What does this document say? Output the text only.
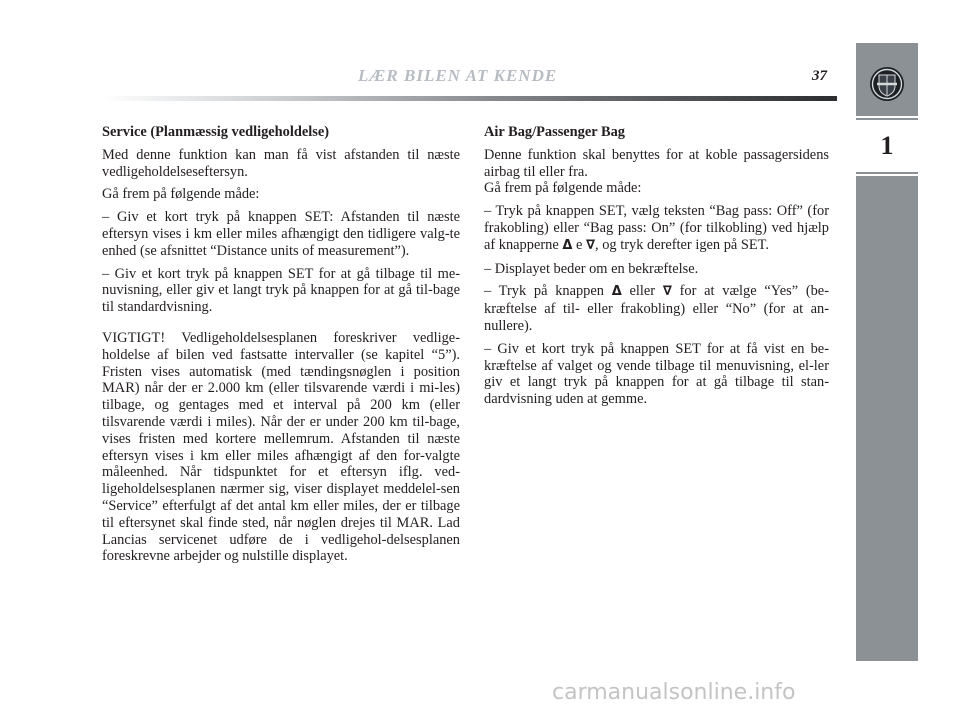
LÆR BILEN AT KENDE	37
1
Service (Planmæssig vedligeholdelse)

Med denne funktion kan man få vist afstanden til næste vedligeholdelseseftersyn.

Gå frem på følgende måde:

– Giv et kort tryk på knappen SET: Afstanden til næste eftersyn vises i km eller miles afhængigt den tidligere valg-te enhed (se afsnittet “Distance units of measurement”).

– Giv et kort tryk på knappen SET for at gå tilbage til me-nuvisning, eller giv et langt tryk på knappen for at gå til-bage til standardvisning.

VIGTIGT! Vedligeholdelsesplanen foreskriver vedlige-holdelse af bilen ved fastsatte intervaller (se kapitel “5”). Fristen vises automatisk (med tændingsnøglen i position MAR) når der er 2.000 km (eller tilsvarende værdi i mi-les) tilbage, og gentages med et interval på 200 km (eller tilsvarende værdi i miles). Når der er under 200 km til-bage, vises fristen med kortere mellemrum. Afstanden til næste eftersyn vises i km eller miles afhængigt af den for-valgte måleenhed. Når tidspunktet for et eftersyn iflg. ved-ligeholdelsesplanen nærmer sig, viser displayet meddelel-sen “Service” efterfulgt af det antal km eller miles, der er tilbage til eftersynet skal finde sted, når nøglen drejes til MAR. Lad Lancias servicenet udføre de i vedligehol-delsesplanen foreskrevne arbejder og nulstille displayet.

Air Bag/Passenger Bag

Denne funktion skal benyttes for at koble passagersidens airbag til eller fra.

Gå frem på følgende måde:

– Tryk på knappen SET, vælg teksten “Bag pass: Off” (for frakobling) eller “Bag pass: On” (for tilkobling) ved hjælp af knapperne Δ e ∇, og tryk derefter igen på SET.

– Displayet beder om en bekræftelse.

– Tryk på knappen Δ eller ∇ for at vælge “Yes” (be-kræftelse af til- eller frakobling) eller “No” (for at an-nullere).

– Giv et kort tryk på knappen SET for at få vist en be-kræftelse af valget og vende tilbage til menuvisning, el-ler giv et langt tryk på knappen for at gå tilbage til stan-dardvisning uden at gemme.

carmanualsonline.info
